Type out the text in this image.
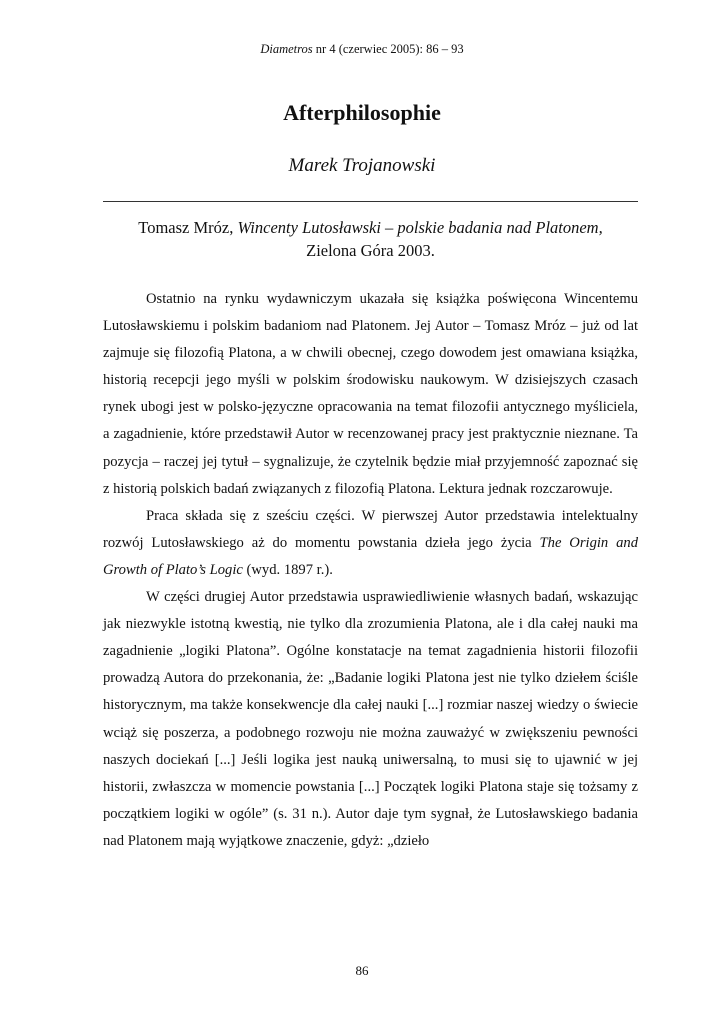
Diametros nr 4 (czerwiec 2005): 86 – 93
Afterphilosophie
Marek Trojanowski
Tomasz Mróz, Wincenty Lutosławski – polskie badania nad Platonem,
Zielona Góra 2003.

Ostatnio na rynku wydawniczym ukazała się książka poświęcona Wincentemu Lutosławskiemu i polskim badaniom nad Platonem. Jej Autor – Tomasz Mróz – już od lat zajmuje się filozofią Platona, a w chwili obecnej, czego dowodem jest omawiana książka, historią recepcji jego myśli w polskim środowisku naukowym. W dzisiejszych czasach rynek ubogi jest w polsko-języczne opracowania na temat filozofii antycznego myśliciela, a zagadnienie, które przedstawił Autor w recenzowanej pracy jest praktycznie nieznane. Ta pozycja – raczej jej tytuł – sygnalizuje, że czytelnik będzie miał przyjemność zapoznać się z historią polskich badań związanych z filozofią Platona. Lektura jednak rozczarowuje.

Praca składa się z sześciu części. W pierwszej Autor przedstawia intelektualny rozwój Lutosławskiego aż do momentu powstania dzieła jego życia The Origin and Growth of Plato’s Logic (wyd. 1897 r.).

W części drugiej Autor przedstawia usprawiedliwienie własnych badań, wskazując jak niezwykle istotną kwestią, nie tylko dla zrozumienia Platona, ale i dla całej nauki ma zagadnienie „logiki Platona”. Ogólne konstatacje na temat zagadnienia historii filozofii prowadzą Autora do przekonania, że: „Badanie logiki Platona jest nie tylko dziełem ściśle historycznym, ma także konsekwencje dla całej nauki [...] rozmiar naszej wiedzy o świecie wciąż się poszerza, a podobnego rozwoju nie można zauważyć w zwiększeniu pewności naszych dociekań [...] Jeśli logika jest nauką uniwersalną, to musi się to ujawnić w jej historii, zwłaszcza w momencie powstania [...] Początek logiki Platona staje się tożsamy z początkiem logiki w ogóle” (s. 31 n.). Autor daje tym sygnał, że Lutosławskiego badania nad Platonem mają wyjątkowe znaczenie, gdyż: „dzieło

86
